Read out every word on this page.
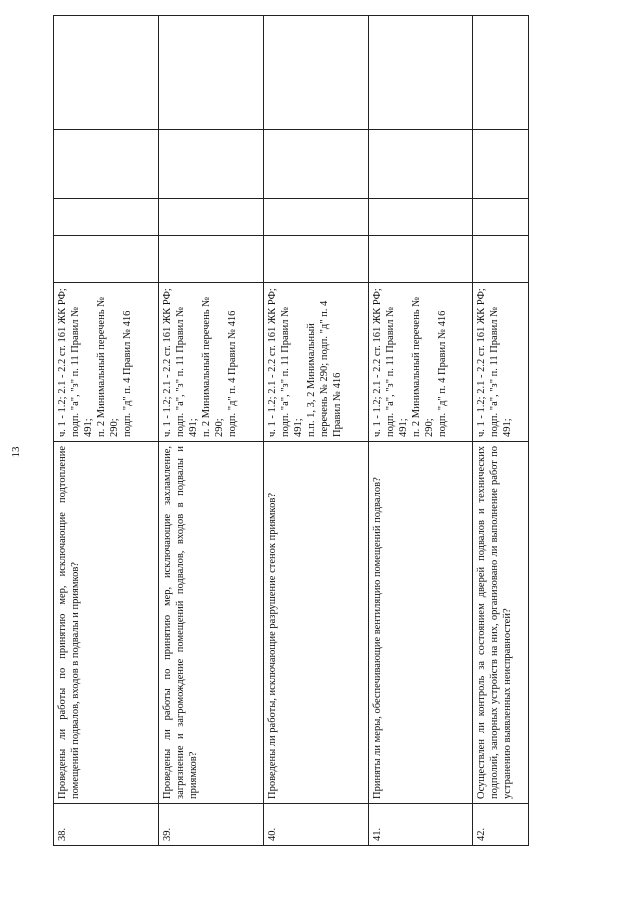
13
38.	Проведены ли работы по принятию мер, исключающие подтопление помещений подвалов, входов в подвалы и приямков?	ч. 1 - 1.2; 2.1 - 2.2 ст. 161 ЖК РФ; подп. "а", "з" п. 11 Правил № 491; п. 2 Минимальный перечень № 290; подп. "д" п. 4 Правил № 416				

39.	Проведены ли работы по принятию мер, исключающие захламление, загрязнение и загромождение помещений подвалов, входов в подвалы и приямков?	ч. 1 - 1.2; 2.1 - 2.2 ст. 161 ЖК РФ; подп. "а", "з" п. 11 Правил № 491; п. 2 Минимальный перечень № 290; подп. "д" п. 4 Правил № 416				

40.	Проведены ли работы, исключающие разрушение стенок приямков?	ч. 1 - 1.2; 2.1 - 2.2 ст. 161 ЖК РФ; подп. "а", "з" п. 11 Правил № 491; п.п. 1, 3, 2 Минимальный перечень № 290; подп. "д" п. 4 Правил № 416				

41.	Приняты ли меры, обеспечивающие вентиляцию помещений подвалов?	ч. 1 - 1.2; 2.1 - 2.2 ст. 161 ЖК РФ; подп. "а", "з" п. 11 Правил № 491; п. 2 Минимальный перечень № 290; подп. "д" п. 4 Правил № 416				

42.	Осуществлен ли контроль за состоянием дверей подвалов и технических подполий, запорных устройств на них, организовано ли выполнение работ по устранению выявленных неисправностей?	ч. 1 - 1.2; 2.1 - 2.2 ст. 161 ЖК РФ; подп. "а", "з" п. 11 Правил № 491;				
